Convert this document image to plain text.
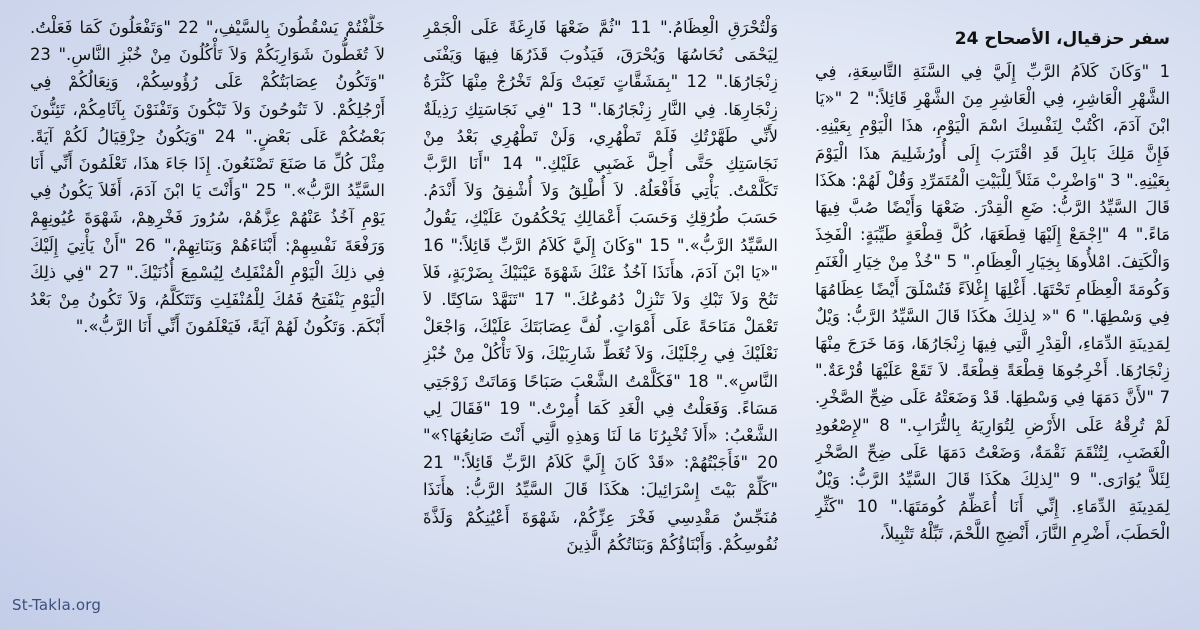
سفر حزقيال، الأصحاح 24
1 "وَكَانَ كَلاَمُ الرَّبِّ إِلَيَّ فِي السَّنَةِ التَّاسِعَةِ، فِي الشَّهْرِ الْعَاشِرِ، فِي الْعَاشِرِ مِنَ الشَّهْرِ قَائِلاً:" 2 "«يَا ابْنَ آدَمَ، اكْتُبْ لِنَفْسِكَ اسْمَ الْيَوْمِ، هذَا الْيَوْمِ بِعَيْنِهِ. فَإِنَّ مَلِكَ بَابِلَ قَدِ اقْتَرَبَ إِلَى أُورُشَلِيمَ هذَا الْيَوْمَ بِعَيْنِهِ." 3 "وَاضْرِبْ مَثَلاً لِلْبَيْتِ الْمُتَمَرِّدِ وَقُلْ لَهُمْ: هكَذَا قَالَ السَّيِّدُ الرَّبُّ: ضَعِ الْقِدْرَ. ضَعْهَا وَأَيْضًا صُبَّ فِيهَا مَاءً." 4 "اِجْمَعْ إِلَيْهَا قِطَعَهَا، كُلَّ قِطْعَةٍ طَيِّبَةٍ: الْفَخِذَ وَالْكَتِفَ. امْلأُوهَا بِخِيَارِ الْعِظَامِ." 5 "خُذْ مِنْ خِيَارِ الْغَنَمِ وَكُومَةَ الْعِظَامِ تَحْتَهَا. أَغْلِهَا إِغْلاَءً فَتُسْلَقَ أَيْضًا عِظَامُهَا فِي وَسْطِهَا." 6 "« لِذلِكَ هكَذَا قَالَ السَّيِّدُ الرَّبُّ: وَيْلٌ لِمَدِينَةِ الدِّمَاءِ، الْقِدْرِ الَّتِي فِيهَا زِنْجَارُهَا، وَمَا خَرَجَ مِنْهَا زِنْجَارُهَا. أَخْرِجُوهَا قِطْعَةً قِطْعَةً. لاَ تَقَعْ عَلَيْهَا قُرْعَةٌ." 7 "لأَنَّ دَمَهَا فِي وَسْطِهَا. قَدْ وَضَعَتْهُ عَلَى ضِحِّ الصَّخْرِ. لَمْ تُرِقْهُ عَلَى الأَرْضِ لِتُوَارِيَهُ بِالتُّرَابِ." 8 "لإِصْعُودِ الْغَضَبِ، لِتُنْقَمَ نَقْمَةٌ، وَضَعْتُ دَمَهَا عَلَى ضِحِّ الصَّخْرِ لِئَلاَّ يُوَارَى." 9 "لِذلِكَ هكَذَا قَالَ السَّيِّدُ الرَّبُّ: وَيْلٌ لِمَدِينَةِ الدِّمَاءِ. إِنِّي أَنَا أُعَظِّمُ كُومَتَهَا." 10 "كَثِّرِ الْحَطَبَ، أَضْرِمِ النَّارَ، أَنْضِجِ اللَّحْمَ، تَبِّلْهُ تَتْبِيلاً،
وَلْتُحْرَقِ الْعِظَامُ." 11 "ثُمَّ ضَعْهَا فَارِغَةً عَلَى الْجَمْرِ لِيَحْمَى نُحَاسُهَا وَيُحْرَقَ، فَيَذُوبَ قَذَرُهَا فِيهَا وَيَفْنَى زِنْجَارُهَا." 12 "بِمَشَقَّاتٍ تَعِبَتْ وَلَمْ تَخْرُجْ مِنْهَا كَثْرَةُ زِنْجَارِهَا. فِي النَّارِ زِنْجَارُهَا." 13 "فِي نَجَاسَتِكِ رَذِيلَةٌ لأَنِّي طَهَّرْتُكِ فَلَمْ تَطْهُرِي، وَلَنْ تَطْهُرِي بَعْدُ مِنْ نَجَاسَتِكِ حَتَّى أُحِلَّ غَضَبِي عَلَيْكِ." 14 "أَنَا الرَّبَّ تَكَلَّمْتُ. يَأْتِي فَأَفْعَلُهُ. لاَ أُطْلِقُ وَلاَ أُشْفِقُ وَلاَ أَنْدَمُ. حَسَبَ طُرُقِكِ وَحَسَبَ أَعْمَالِكِ يَحْكُمُونَ عَلَيْكِ، يَقُولُ السَّيِّدُ الرَّبُّ»." 15 "وَكَانَ إِلَيَّ كَلاَمُ الرَّبِّ قَائِلاً:" 16 "«يَا ابْنَ آدَمَ، هأَنَذَا آخُذُ عَنْكَ شَهْوَةَ عَيْنَيْكَ بِضَرْبَةٍ، فَلاَ تَنُحْ وَلاَ تَبْكِ وَلاَ تَنْزِلْ دُمُوعُكَ." 17 "تَنَهَّدْ سَاكِتًا. لاَ تَعْمَلْ مَنَاحَةً عَلَى أَمْوَاتٍ. لُفَّ عِصَابَتَكَ عَلَيْكَ، وَاجْعَلْ نَعْلَيْكَ فِي رِجْلَيْكَ، وَلاَ تُغَطِّ شَارِبَيْكَ، وَلاَ تَأْكُلْ مِنْ خُبْزِ النَّاسِ»." 18 "فَكَلَّمْتُ الشَّعْبَ صَبَاحًا وَمَاتَتْ زَوْجَتِي مَسَاءً. وَفَعَلْتُ فِي الْغَدِ كَمَا أُمِرْتُ." 19 "فَقَالَ لِي الشَّعْبُ: «أَلاَ تُخْبِرُنَا مَا لَنَا وَهذِهِ الَّتِي أَنْتَ صَانِعُهَا؟»" 20 "فَأَجَبْتُهُمْ: «قَدْ كَانَ إِلَيَّ كَلاَمُ الرَّبِّ قَائِلاً:" 21 "كَلِّمْ بَيْتَ إِسْرَائِيلَ: هكَذَا قَالَ السَّيِّدُ الرَّبُّ: هأَنَذَا مُنَجِّسٌ مَقْدِسِي فَخْرَ عِزِّكُمْ، شَهْوَةَ أَعْيُنِكُمْ وَلَذَّةَ نُفُوسِكُمْ. وَأَبْنَاؤُكُمْ وَبَنَاتُكُمُ الَّذِينَ
خَلَّفْتُمْ يَسْقُطُونَ بِالسَّيْفِ،" 22 "وَتَفْعَلُونَ كَمَا فَعَلْتُ. لاَ تُغَطُّونَ شَوَارِبَكُمْ وَلاَ تَأْكُلُونَ مِنْ خُبْزِ النَّاسِ." 23 "وَتَكُونُ عِصَابَتُكُمْ عَلَى رُؤُوسِكُمْ، وَنِعَالُكُمْ فِي أَرْجُلِكُمْ. لاَ تَنُوحُونَ وَلاَ تَبْكُونَ وَتَفْنَوْنَ بِآثَامِكُمْ، تَئِنُّونَ بَعْضُكُمْ عَلَى بَعْضٍ." 24 "وَيَكُونُ حِزْقِيَالُ لَكُمْ آيَةً. مِثْلَ كُلِّ مَا صَنَعَ تَصْنَعُونَ. إِذَا جَاءَ هذَا، تَعْلَمُونَ أَنِّي أَنَا السَّيِّدُ الرَّبُّ»." 25 "وَأَنْتَ يَا ابْنَ آدَمَ، أَفَلاَ يَكُونُ فِي يَوْمِ آخُذُ عَنْهُمْ عِزَّهُمْ، سُرُورَ فَخْرِهِمْ، شَهْوَةَ عُيُونِهِمْ وَرَفْعَةَ نَفْسِهِمْ: أَبْنَاءَهُمْ وَبَنَاتِهِمْ،" 26 "أَنْ يَأْتِيَ إِلَيْكَ فِي ذلِكَ الْيَوْمِ الْمُنْفَلِتُ لِيُسْمِعَ أُذُنَيْكَ." 27 "فِي ذلِكَ الْيَوْمِ يَنْفَتِحُ فَمُكَ لِلْمُنْفَلِتِ وَتَتَكَلَّمُ، وَلاَ تَكُونُ مِنْ بَعْدُ أَبْكَمَ. وَتَكُونُ لَهُمْ آيَةً، فَيَعْلَمُونَ أَنِّي أَنَا الرَّبُّ»."
St-Takla.org
